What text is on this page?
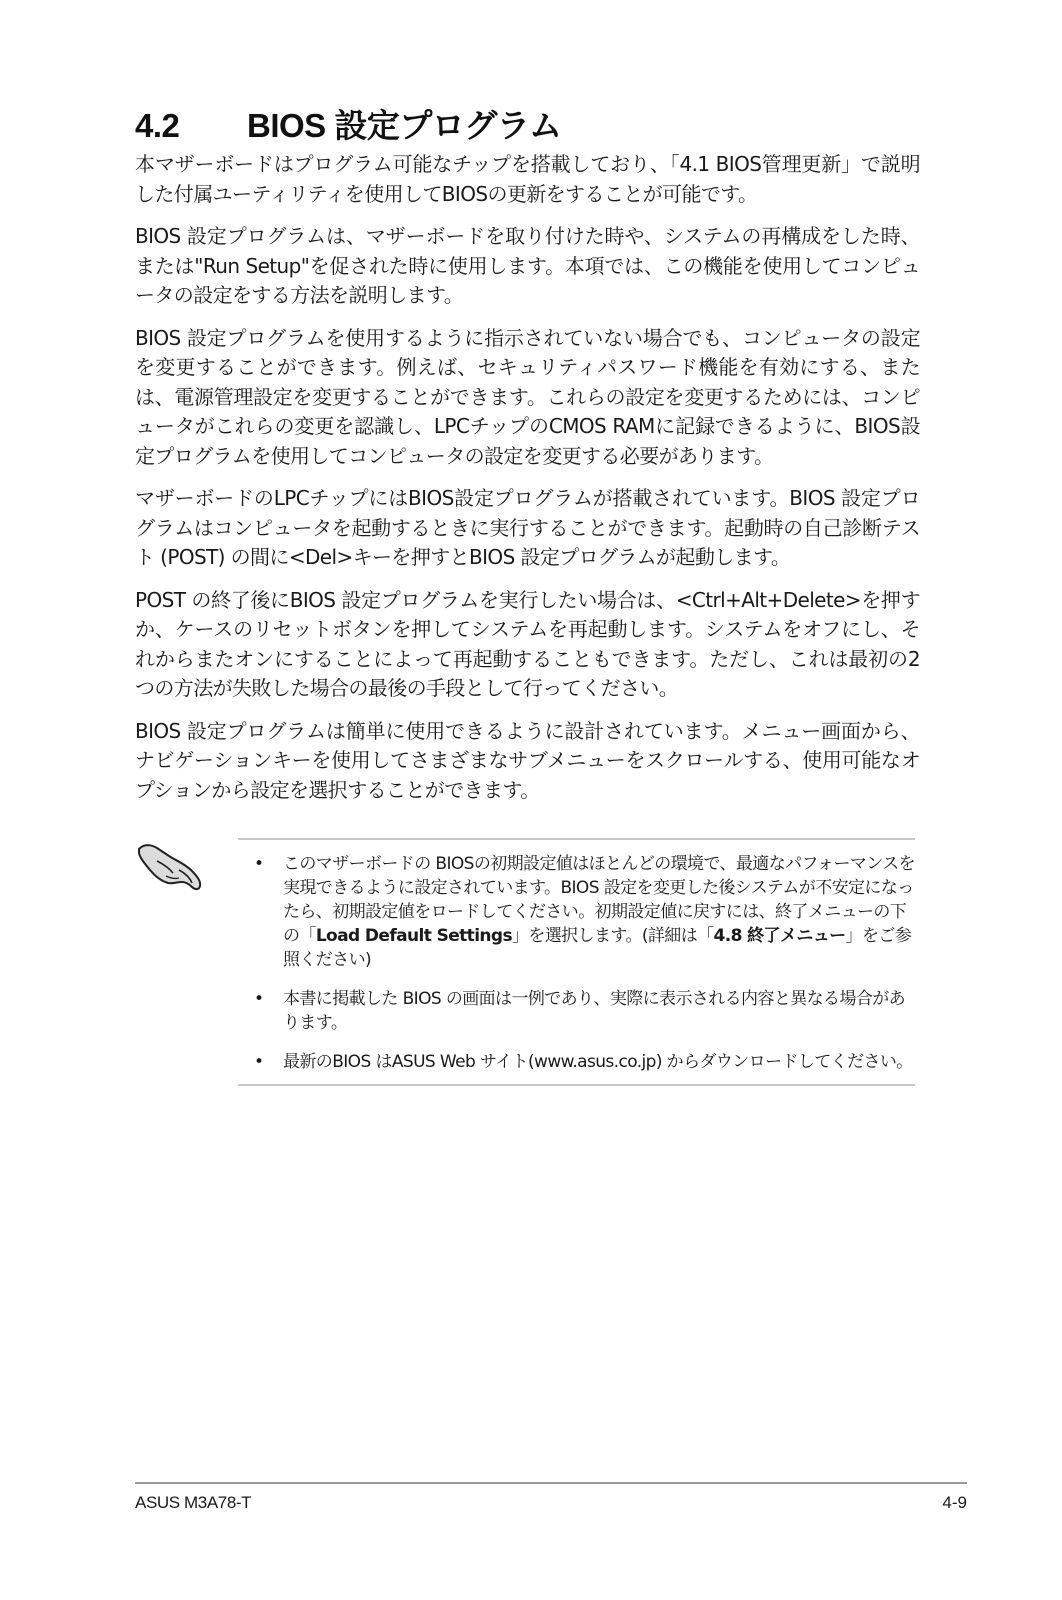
4.2 BIOS 設定プログラム

本マザーボードはプログラム可能なチップを搭載しており、「4.1 BIOS管理更新」で説明した付属ユーティリティを使用してBIOSの更新をすることが可能です。

BIOS 設定プログラムは、マザーボードを取り付けた時や、システムの再構成をした時、または"Run Setup"を促された時に使用します。本項では、この機能を使用してコンピュータの設定をする方法を説明します。

BIOS 設定プログラムを使用するように指示されていない場合でも、コンピュータの設定を変更することができます。例えば、セキュリティパスワード機能を有効にする、または、電源管理設定を変更することができます。これらの設定を変更するためには、コンピュータがこれらの変更を認識し、LPCチップのCMOS RAMに記録できるように、BIOS設定プログラムを使用してコンピュータの設定を変更する必要があります。

マザーボードのLPCチップにはBIOS設定プログラムが搭載されています。BIOS 設定プログラムはコンピュータを起動するときに実行することができます。起動時の自己診断テスト (POST) の間に<Del>キーを押すとBIOS 設定プログラムが起動します。

POST の終了後にBIOS 設定プログラムを実行したい場合は、<Ctrl+Alt+Delete>を押すか、ケースのリセットボタンを押してシステムを再起動します。システムをオフにし、それからまたオンにすることによって再起動することもできます。ただし、これは最初の2つの方法が失敗した場合の最後の手段として行ってください。

BIOS 設定プログラムは簡単に使用できるように設計されています。メニュー画面から、ナビゲーションキーを使用してさまざまなサブメニューをスクロールする、使用可能なオプションから設定を選択することができます。

• このマザーボードの BIOSの初期設定値はほとんどの環境で、最適なパフォーマンスを実現できるように設定されています。BIOS 設定を変更した後システムが不安定になったら、初期設定値をロードしてください。初期設定値に戻すには、終了メニューの下の「Load Default Settings」を選択します。(詳細は「4.8 終了メニュー」をご参照ください)
• 本書に掲載した BIOS の画面は一例であり、実際に表示される内容と異なる場合があります。
• 最新のBIOS はASUS Web サイト(www.asus.co.jp) からダウンロードしてください。
ASUS M3A78-T	4-9
